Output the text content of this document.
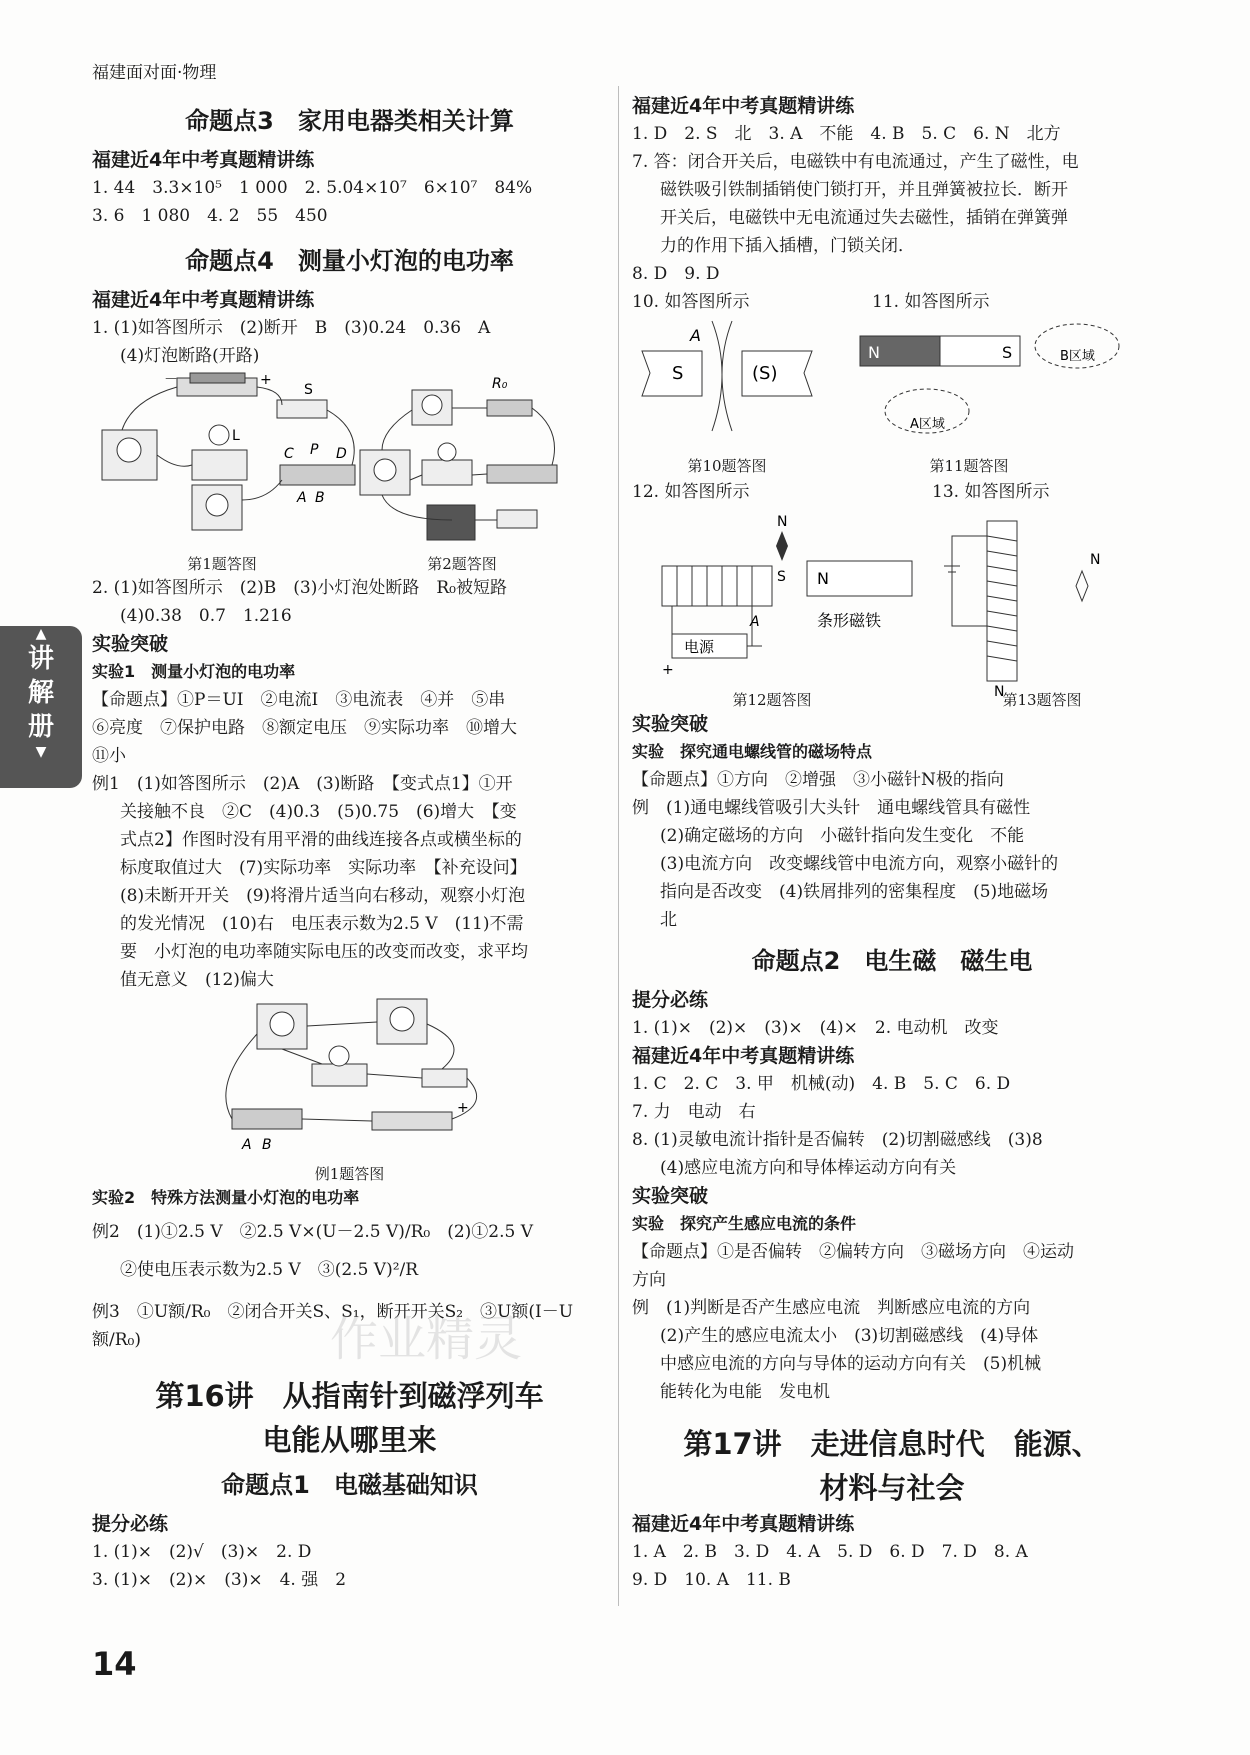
福建面对面·物理
▲
讲
解
册
▼
命题点3　家用电器类相关计算
福建近4年中考真题精讲练
1. 44　3.3×10⁵　1 000　2. 5.04×10⁷　6×10⁷　84%
3. 6　1 080　4. 2　55　450
命题点4　测量小灯泡的电功率
福建近4年中考真题精讲练
1. (1)如答图所示　(2)断开　B　(3)0.24　0.36　A
(4)灯泡断路(开路)
－	+
S
L
C P D
A B
R₀
第1题答图	第2题答图
2. (1)如答图所示　(2)B　(3)小灯泡处断路　R₀被短路
(4)0.38　0.7　1.216
实验突破
实验1　测量小灯泡的电功率
【命题点】①P＝UI　②电流I　③电流表　④并　⑤串
⑥亮度　⑦保护电路　⑧额定电压　⑨实际功率　⑩增大
⑪小
例1　(1)如答图所示　(2)A　(3)断路　【变式点1】①开
关接触不良　②C　(4)0.3　(5)0.75　(6)增大　【变
式点2】作图时没有用平滑的曲线连接各点或横坐标的
标度取值过大　(7)实际功率　实际功率　【补充设问】
(8)未断开开关　(9)将滑片适当向右移动，观察小灯泡
的发光情况　(10)右　电压表示数为2.5 V　(11)不需
要　小灯泡的电功率随实际电压的改变而改变，求平均
值无意义　(12)偏大
A B
+
例1题答图
实验2　特殊方法测量小灯泡的电功率
例2　(1)①2.5 V　②2.5 V×(U－2.5 V)/R₀　(2)①2.5 V
②使电压表示数为2.5 V　③(2.5 V)²/R
例3　①U额/R₀　②闭合开关S、S₁，断开开关S₂　③U额(I－U额/R₀)
第16讲　从指南针到磁浮列车
电能从哪里来
命题点1　电磁基础知识
提分必练
1. (1)×　(2)√　(3)×　2. D
3. (1)×　(2)×　(3)×　4. 强　2
福建近4年中考真题精讲练
1. D　2. S　北　3. A　不能　4. B　5. C　6. N　北方
7. 答：闭合开关后，电磁铁中有电流通过，产生了磁性，电
磁铁吸引铁制插销使门锁打开，并且弹簧被拉长．断开
开关后，电磁铁中无电流通过失去磁性，插销在弹簧弹
力的作用下插入插槽，门锁关闭．
8. D　9. D
10. 如答图所示	11. 如答图所示
S	(S)
A
N	S	B区域
A区域
第10题答图	第11题答图
12. 如答图所示	13. 如答图所示
N
N
S
电源
+
A	条形磁铁
N
N
第12题答图	第13题答图
实验突破
实验　探究通电螺线管的磁场特点
【命题点】①方向　②增强　③小磁针N极的指向
例　(1)通电螺线管吸引大头针　通电螺线管具有磁性
(2)确定磁场的方向　小磁针指向发生变化　不能
(3)电流方向　改变螺线管中电流方向，观察小磁针的
指向是否改变　(4)铁屑排列的密集程度　(5)地磁场
北
命题点2　电生磁　磁生电
提分必练
1. (1)×　(2)×　(3)×　(4)×　2. 电动机　改变
福建近4年中考真题精讲练
1. C　2. C　3. 甲　机械(动)　4. B　5. C　6. D
7. 力　电动　右
8. (1)灵敏电流计指针是否偏转　(2)切割磁感线　(3)8
(4)感应电流方向和导体棒运动方向有关
实验突破
实验　探究产生感应电流的条件
【命题点】①是否偏转　②偏转方向　③磁场方向　④运动
方向
例　(1)判断是否产生感应电流　判断感应电流的方向
(2)产生的感应电流太小　(3)切割磁感线　(4)导体
中感应电流的方向与导体的运动方向有关　(5)机械
能转化为电能　发电机
第17讲　走进信息时代　能源、
材料与社会
福建近4年中考真题精讲练
1. A　2. B　3. D　4. A　5. D　6. D　7. D　8. A
9. D　10. A　11. B
作业精灵
14
